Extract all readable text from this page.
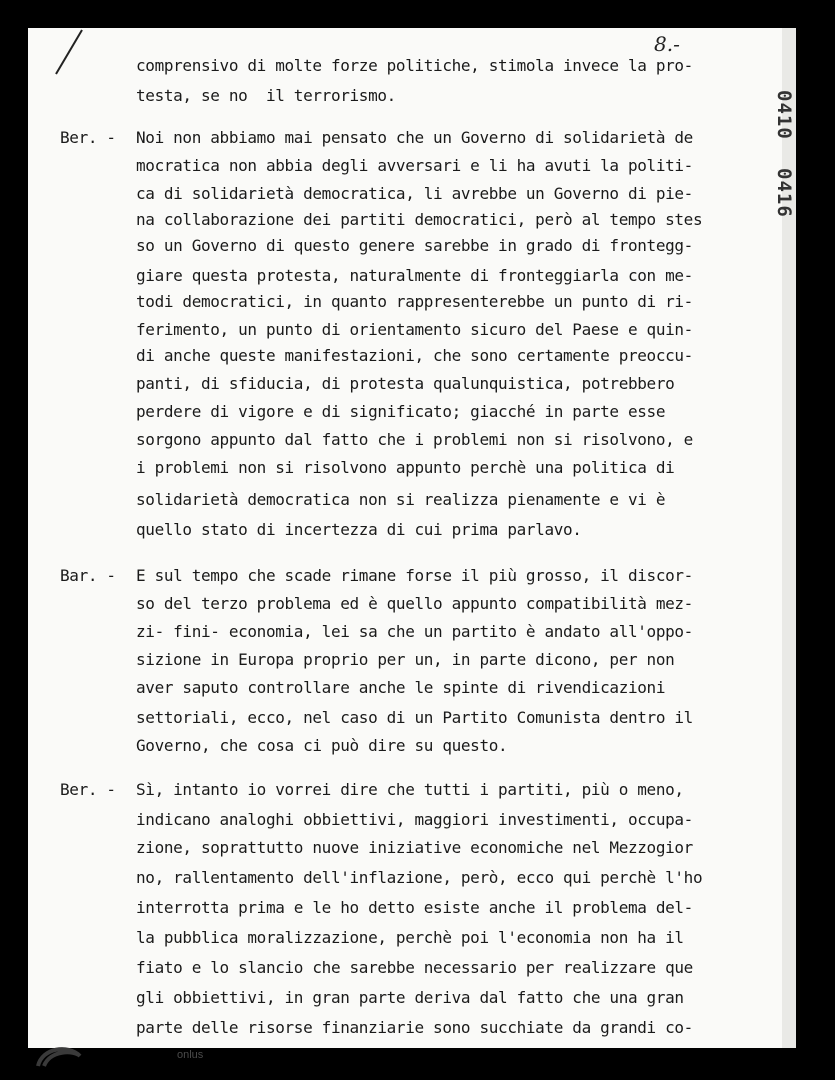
8.-
0410
0416
comprensivo di molte forze politiche, stimola invece la pro-
testa, se no  il terrorismo.
Ber. - Noi non abbiamo mai pensato che un Governo di solidarietà de
mocratica non abbia degli avversari e li ha avuti la politi-
ca di solidarietà democratica, li avrebbe un Governo di pie-
na collaborazione dei partiti democratici, però al tempo stes
so un Governo di questo genere sarebbe in grado di frontegg-
giare questa protesta, naturalmente di fronteggiarla con me-
todi democratici, in quanto rappresenterebbe un punto di ri-
ferimento, un punto di orientamento sicuro del Paese e quin-
di anche queste manifestazioni, che sono certamente preoccu-
panti, di sfiducia, di protesta qualunquistica, potrebbero
perdere di vigore e di significato; giacché in parte esse
sorgono appunto dal fatto che i problemi non si risolvono, e
i problemi non si risolvono appunto perchè una politica di
solidarietà democratica non si realizza pienamente e vi è
quello stato di incertezza di cui prima parlavo.
Bar. - E sul tempo che scade rimane forse il più grosso, il discor-
so del terzo problema ed è quello appunto compatibilità mez-
zi- fini- economia, lei sa che un partito è andato all'oppo-
sizione in Europa proprio per un, in parte dicono, per non
aver saputo controllare anche le spinte di rivendicazioni
settoriali, ecco, nel caso di un Partito Comunista dentro il
Governo, che cosa ci può dire su questo.
Ber. - Sì, intanto io vorrei dire che tutti i partiti, più o meno,
indicano analoghi obbiettivi, maggiori investimenti, occupa-
zione, soprattutto nuove iniziative economiche nel Mezzogior
no, rallentamento dell'inflazione, però, ecco qui perchè l'ho
interrotta prima e le ho detto esiste anche il problema del-
la pubblica moralizzazione, perchè poi l'economia non ha il
fiato e lo slancio che sarebbe necessario per realizzare que
gli obbiettivi, in gran parte deriva dal fatto che una gran
parte delle risorse finanziarie sono succhiate da grandi co-
onlus
